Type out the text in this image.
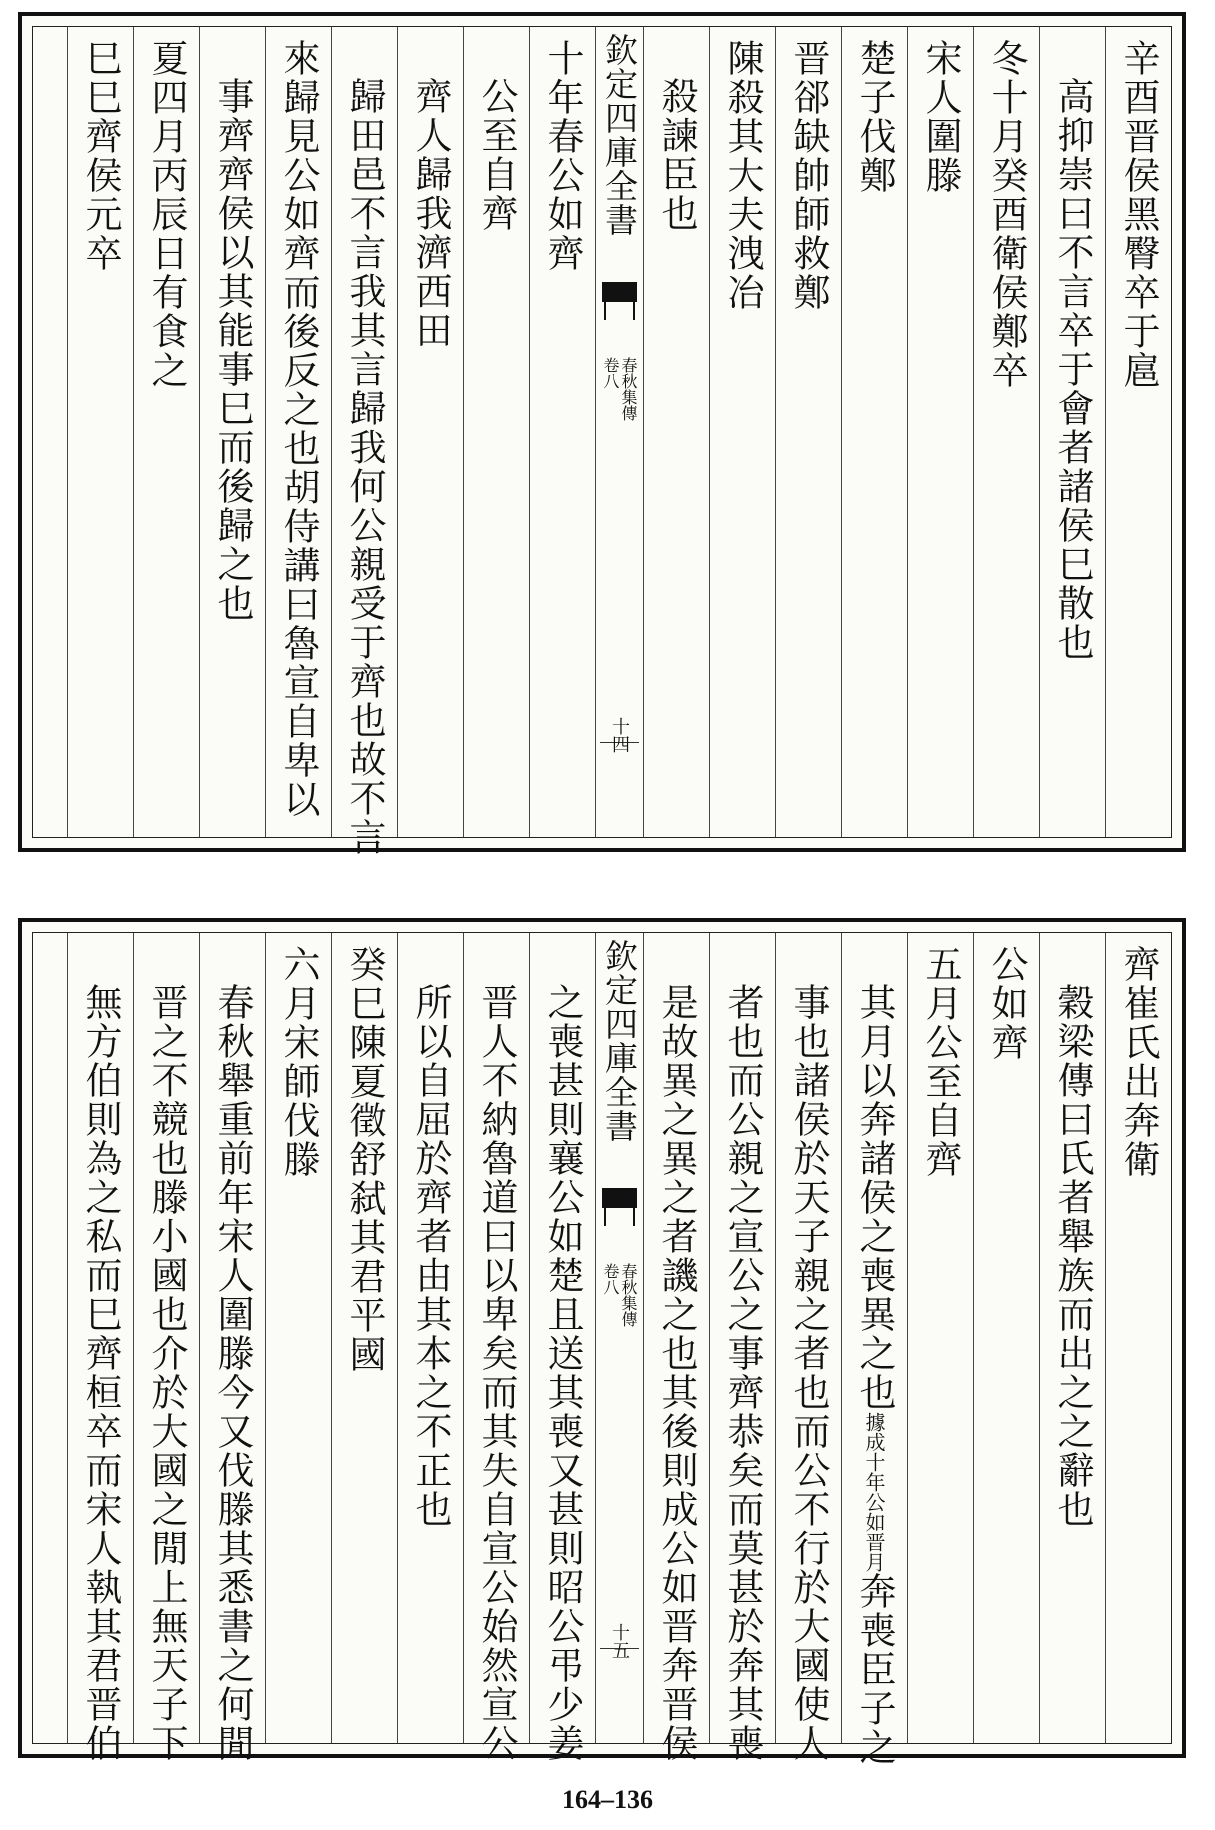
辛酉晋侯黑臀卒于扈
高抑崇曰不言卒于會者諸侯巳散也
冬十月癸酉衛侯鄭卒
宋人圍滕
楚子伐鄭
晋郤缺帥師救鄭
陳殺其大夫洩冶
殺諫臣也
欽定四庫全書
春秋集傳
卷八
十四
十年春公如齊
公至自齊
齊人歸我濟西田
歸田邑不言我其言歸我何公親受于齊也故不言
來歸見公如齊而後反之也胡侍講曰魯宣自卑以
事齊齊侯以其能事巳而後歸之也
夏四月丙辰日有食之
巳巳齊侯元卒
齊崔氏出奔衛
穀梁傳曰氏者舉族而出之之辭也
公如齊
五月公至自齊
其月以奔諸侯之喪異之也據成十年公如晋月奔喪臣子之
事也諸侯於天子親之者也而公不行於大國使人
者也而公親之宣公之事齊恭矣而莫甚於奔其喪
是故異之異之者譏之也其後則成公如晋奔晋侯
欽定四庫全書
春秋集傳
卷八
十五
之喪甚則襄公如楚且送其喪又甚則昭公弔少姜
晋人不納魯道曰以卑矣而其失自宣公始然宣公
所以自屈於齊者由其本之不正也
癸巳陳夏徵舒弑其君平國
六月宋師伐滕
春秋舉重前年宋人圍滕今又伐滕其悉書之何閒
晋之不競也滕小國也介於大國之閒上無天子下
無方伯則為之私而巳齊桓卒而宋人執其君晋伯
164–136
